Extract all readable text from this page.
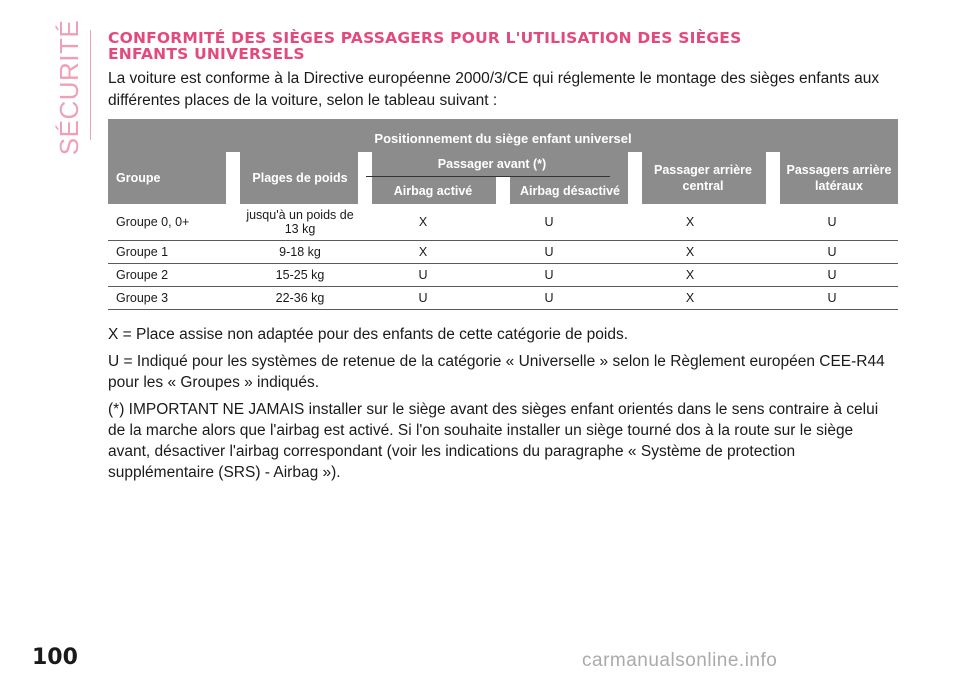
SÉCURITÉ CONFORMITÉ DES SIÈGES PASSAGERS POUR L'UTILISATION DES SIÈGES
ENFANTS UNIVERSELS

La voiture est conforme à la Directive européenne 2000/3/CE qui réglemente le montage des sièges enfants aux différentes places de la voiture, selon le tableau suivant :

Positionnement du siège enfant universel
Groupe	Plages de poids
Passager avant (*)
Airbag activé	Airbag désactivé
Passager arrière central
Passagers arrière latéraux
Groupe 0, 0+	jusqu'à un poids de 13 kg	X	U	X	U
Groupe 1	9-18 kg	X	U	X	U
Groupe 2	15-25 kg	U	U	X	U
Groupe 3	22-36 kg	U	U	X	U

X = Place assise non adaptée pour des enfants de cette catégorie de poids.

U = Indiqué pour les systèmes de retenue de la catégorie « Universelle » selon le Règlement européen CEE-R44 pour les « Groupes » indiqués.

(*) IMPORTANT NE JAMAIS installer sur le siège avant des sièges enfant orientés dans le sens contraire à celui de la marche alors que l'airbag est activé. Si l'on souhaite installer un siège tourné dos à la route sur le siège avant, désactiver l'airbag correspondant (voir les indications du paragraphe « Système de protection supplémentaire (SRS) - Airbag »).

100	carmanualsonline.info
